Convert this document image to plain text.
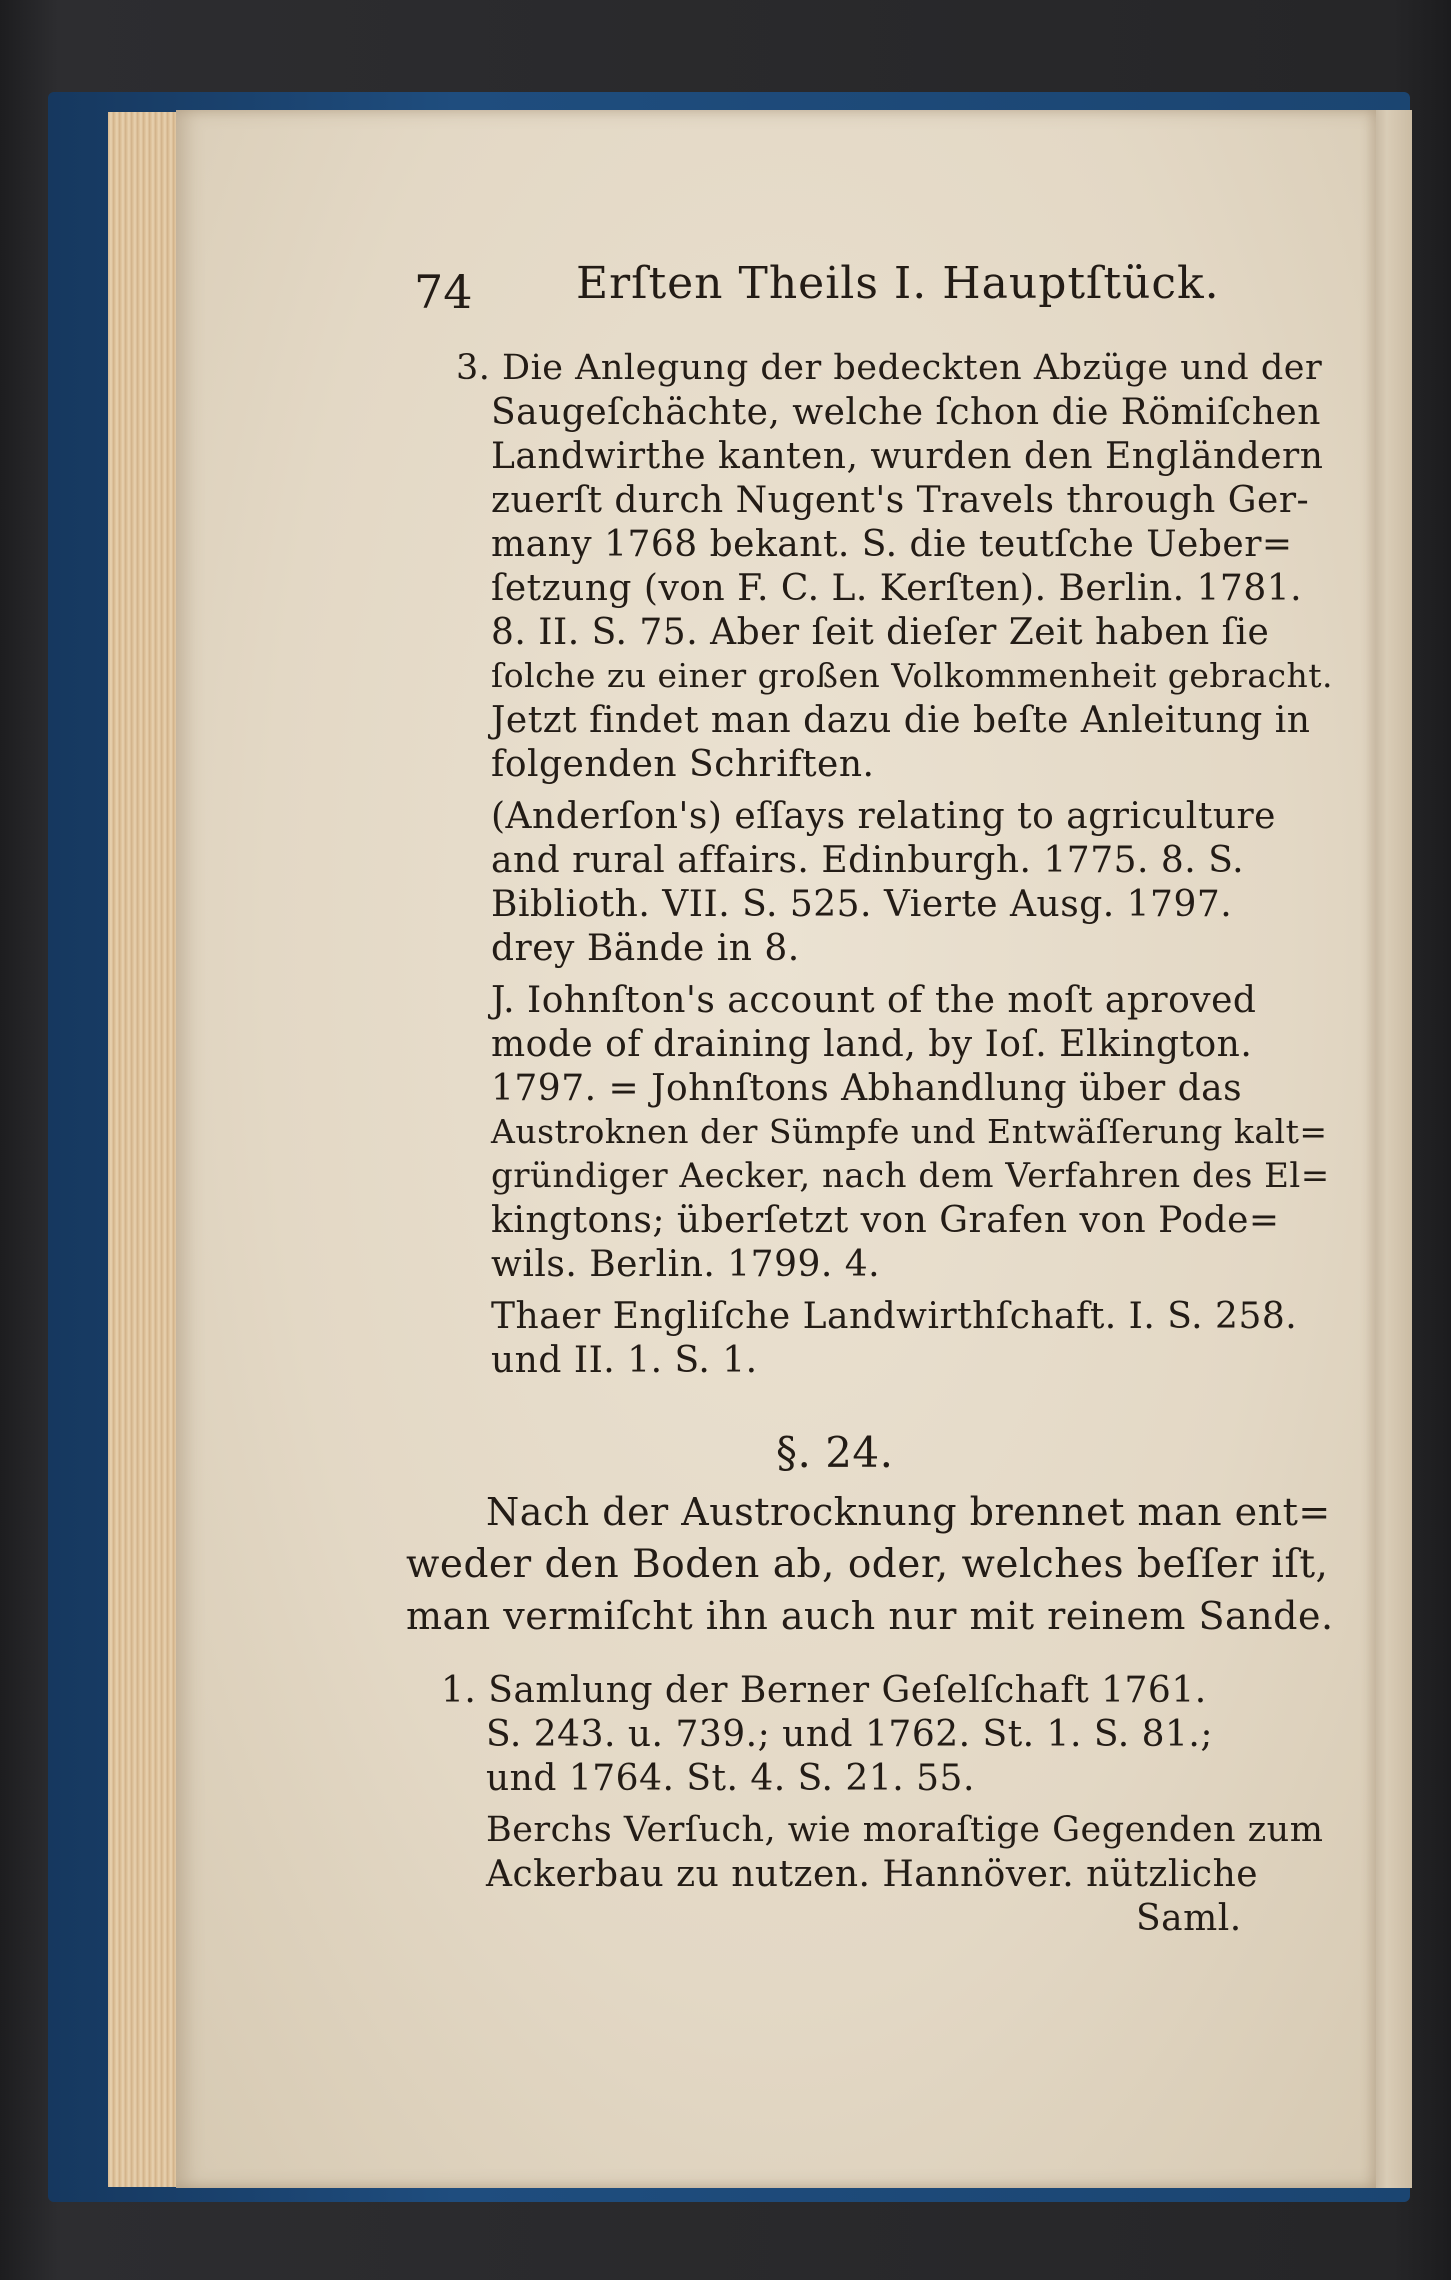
74 Erſten Theils I. Hauptſtück.
3. Die Anlegung der bedeckten Abzüge und der
Saugeſchächte, welche ſchon die Römiſchen
Landwirthe kanten, wurden den Engländern
zuerſt durch Nugent's Travels through Ger-
many 1768 bekant. S. die teutſche Ueber=
ſetzung (von F. C. L. Kerſten). Berlin. 1781.
8. II. S. 75. Aber ſeit dieſer Zeit haben ſie
ſolche zu einer großen Volkommenheit gebracht.
Jetzt findet man dazu die beſte Anleitung in
folgenden Schriften.
(Anderſon's) eſſays relating to agriculture
and rural affairs. Edinburgh. 1775. 8. S.
Biblioth. VII. S. 525. Vierte Ausg. 1797.
drey Bände in 8.
J. Iohnſton's account of the moſt aproved
mode of draining land, by Ioſ. Elkington.
1797. = Johnſtons Abhandlung über das
Austroknen der Sümpfe und Entwäſſerung kalt=
gründiger Aecker, nach dem Verfahren des El=
kingtons; überſetzt von Grafen von Pode=
wils. Berlin. 1799. 4.
Thaer Engliſche Landwirthſchaft. I. S. 258.
und II. 1. S. 1.
§. 24.
Nach der Austrocknung brennet man ent=
weder den Boden ab, oder, welches beſſer iſt,
man vermiſcht ihn auch nur mit reinem Sande.
1. Samlung der Berner Geſelſchaft 1761.
S. 243. u. 739.; und 1762. St. 1. S. 81.;
und 1764. St. 4. S. 21. 55.
Berchs Verſuch, wie moraſtige Gegenden zum
Ackerbau zu nutzen. Hannöver. nützliche
Saml.
